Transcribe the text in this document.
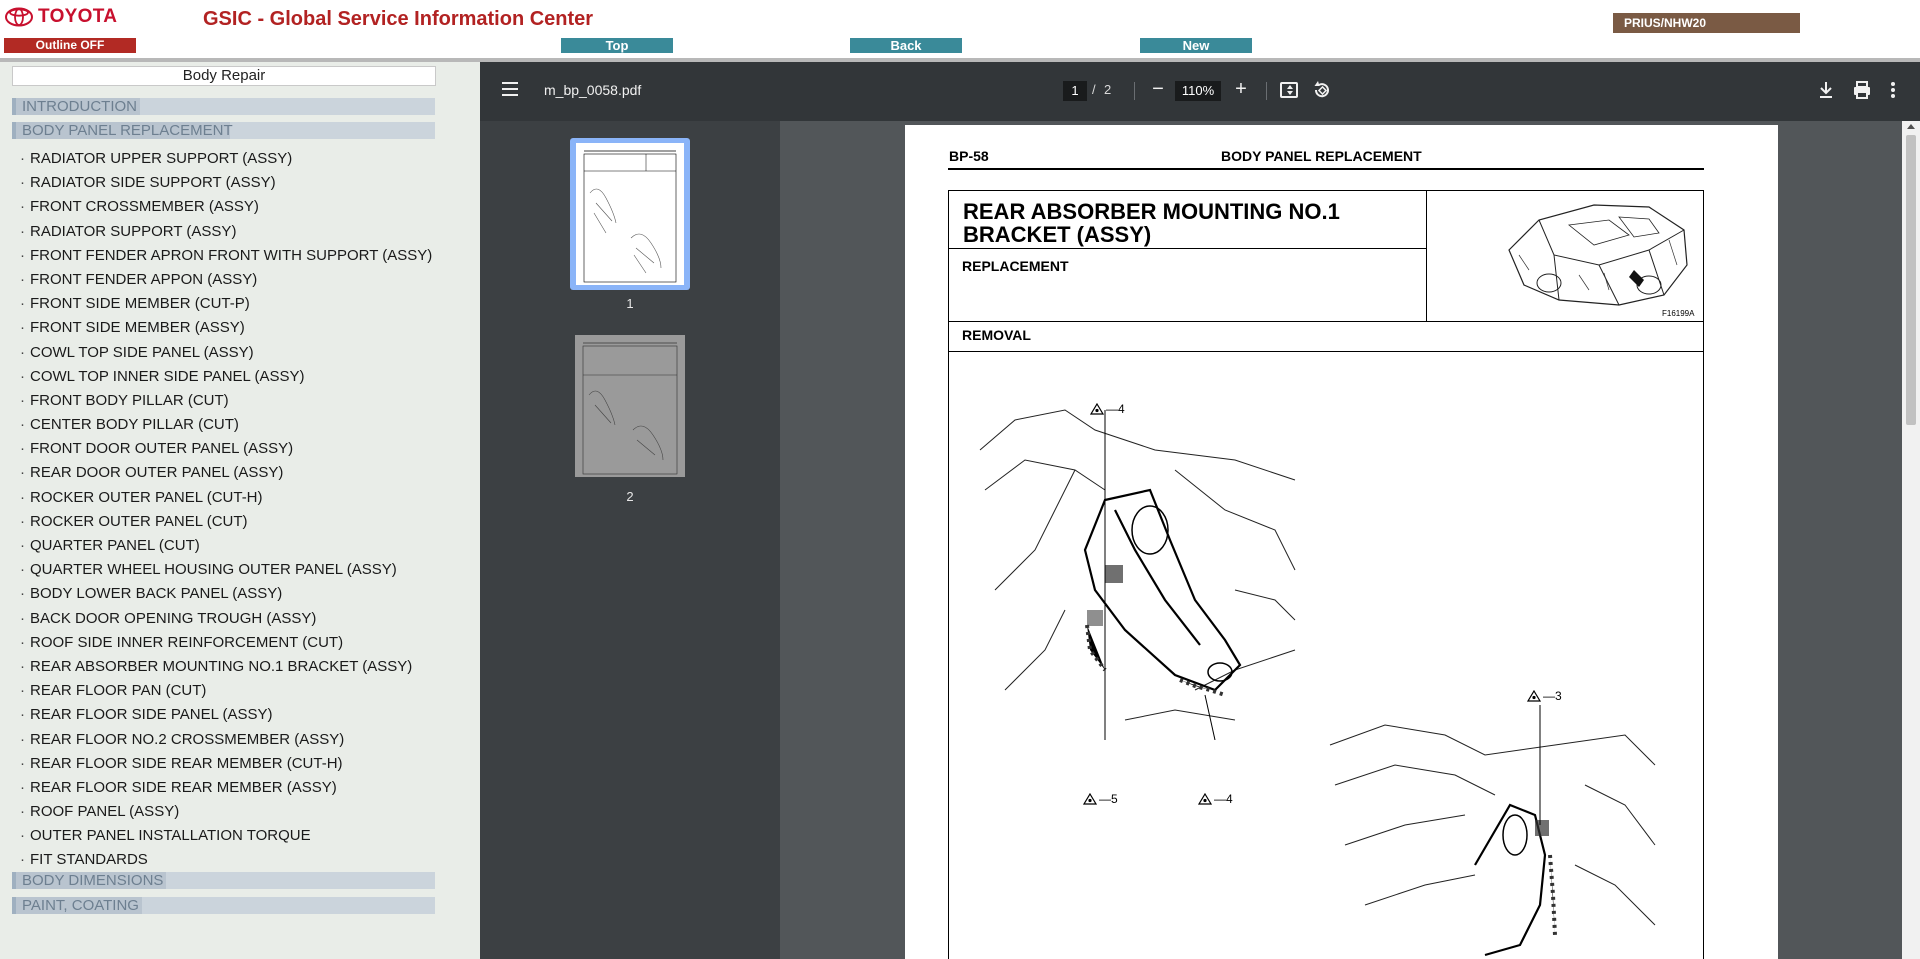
TOYOTA	GSIC - Global Service Information Center
Outline OFF	Top	Back	New
PRIUS/NHW20
Body Repair
INTRODUCTION
BODY PANEL REPLACEMENT
· RADIATOR UPPER SUPPORT (ASSY)
· RADIATOR SIDE SUPPORT (ASSY)
· FRONT CROSSMEMBER (ASSY)
· RADIATOR SUPPORT (ASSY)
· FRONT FENDER APRON FRONT WITH SUPPORT (ASSY)
· FRONT FENDER APPON (ASSY)
· FRONT SIDE MEMBER (CUT-P)
· FRONT SIDE MEMBER (ASSY)
· COWL TOP SIDE PANEL (ASSY)
· COWL TOP INNER SIDE PANEL (ASSY)
· FRONT BODY PILLAR (CUT)
· CENTER BODY PILLAR (CUT)
· FRONT DOOR OUTER PANEL (ASSY)
· REAR DOOR OUTER PANEL (ASSY)
· ROCKER OUTER PANEL (CUT-H)
· ROCKER OUTER PANEL (CUT)
· QUARTER PANEL (CUT)
· QUARTER WHEEL HOUSING OUTER PANEL (ASSY)
· BODY LOWER BACK PANEL (ASSY)
· BACK DOOR OPENING TROUGH (ASSY)
· ROOF SIDE INNER REINFORCEMENT (CUT)
· REAR ABSORBER MOUNTING NO.1 BRACKET (ASSY)
· REAR FLOOR PAN (CUT)
· REAR FLOOR SIDE PANEL (ASSY)
· REAR FLOOR NO.2 CROSSMEMBER (ASSY)
· REAR FLOOR SIDE REAR MEMBER (CUT-H)
· REAR FLOOR SIDE REAR MEMBER (ASSY)
· ROOF PANEL (ASSY)
· OUTER PANEL INSTALLATION TORQUE
· FIT STANDARDS
BODY DIMENSIONS
PAINT, COATING
m_bp_0058.pdf	1	/ 2 −	110%	+
1
2
BP-58	BODY PANEL REPLACEMENT
REAR ABSORBER MOUNTING NO.1
BRACKET (ASSY)
REPLACEMENT
REMOVAL
F16199A
—4
—5	—4
—3
